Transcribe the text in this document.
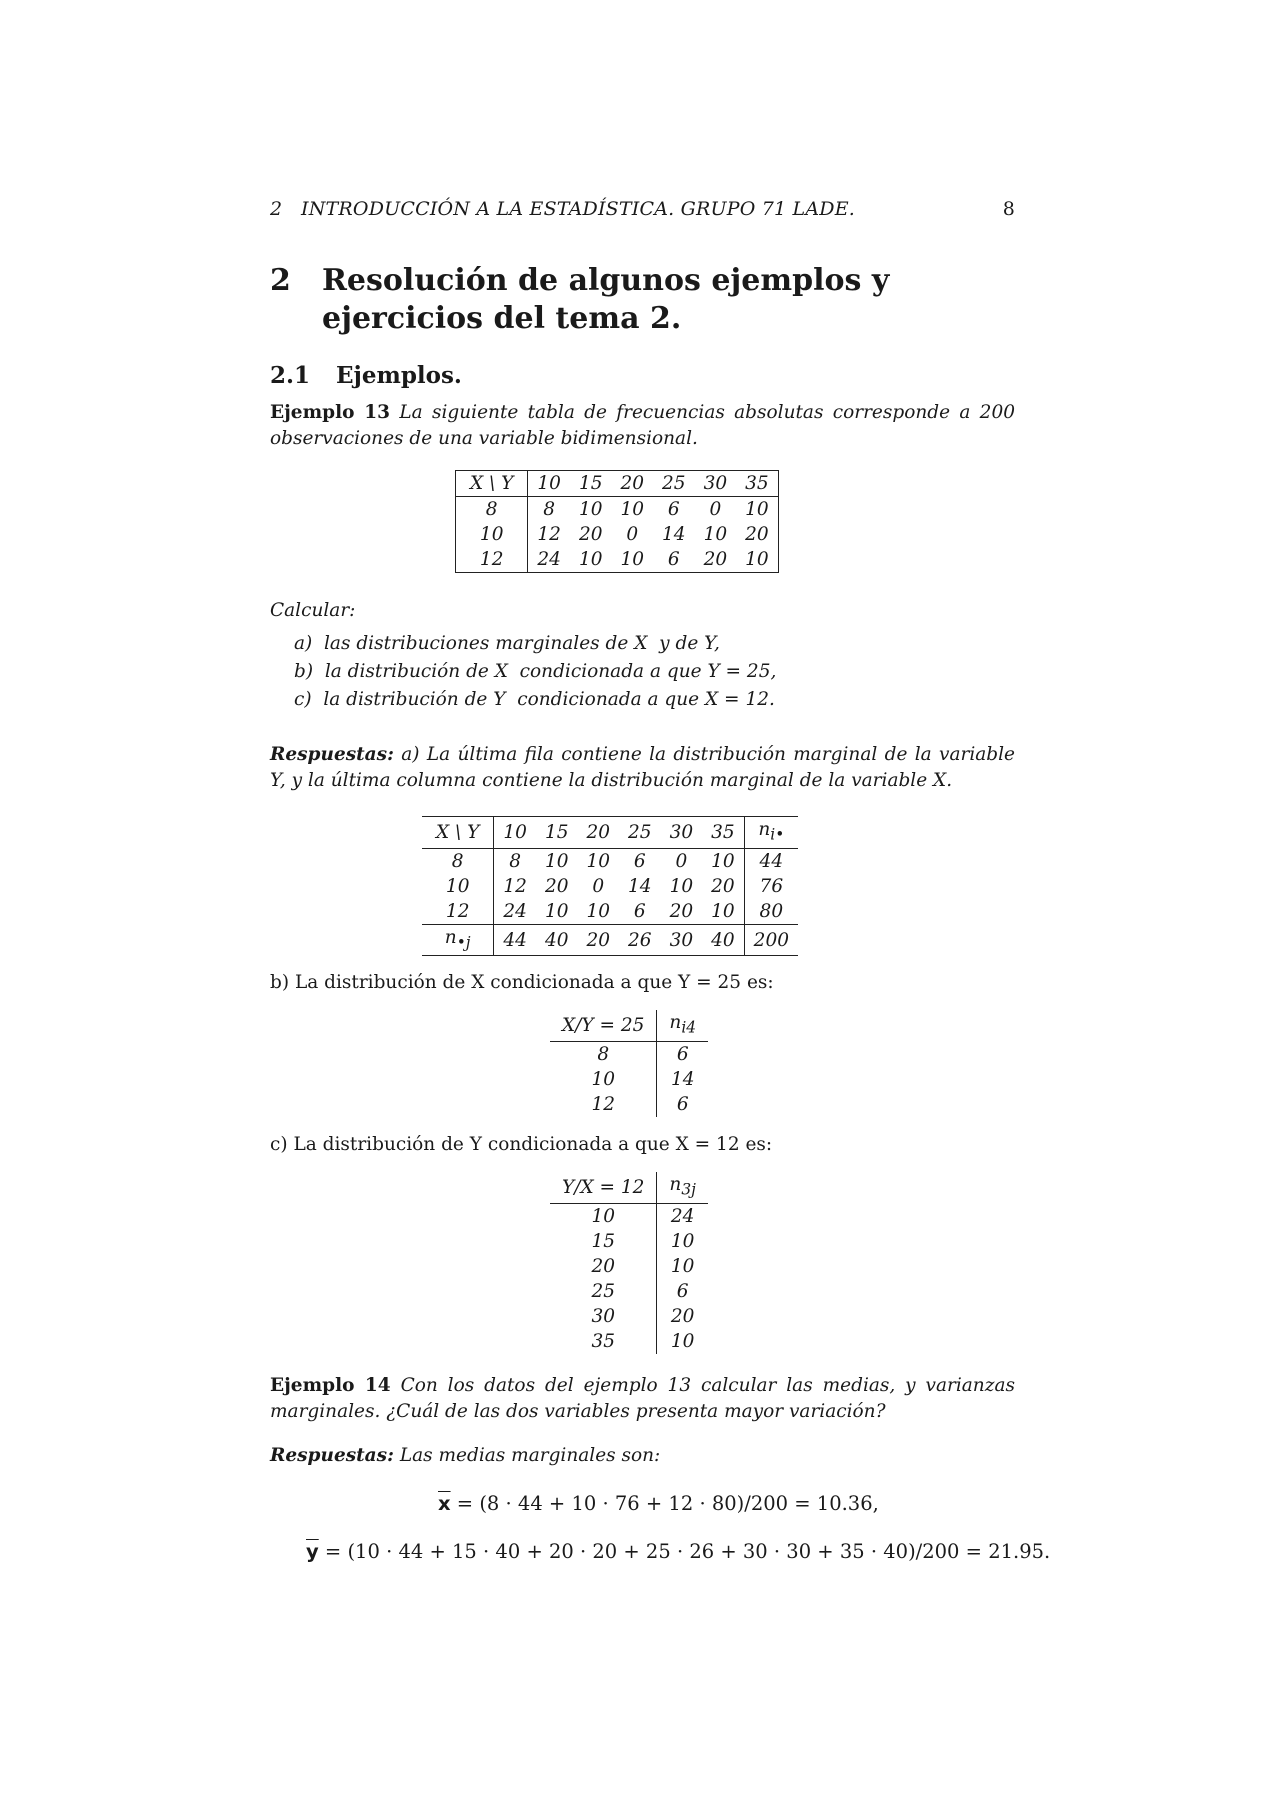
2   INTRODUCCIÓN A LA ESTADÍSTICA. GRUPO 71 LADE.	8
2	Resolución de algunos ejemplos y ejercicios del tema 2.
2.1 Ejemplos.
Ejemplo 13 La siguiente tabla de frecuencias absolutas corresponde a 200 observaciones de una variable bidimensional.
X \ Y	10	15	20	25	30	35
8	8	10	10	6	0	10
10	12	20	0	14	10	20
12	24	10	10	6	20	10
Calcular:
a)  las distribuciones marginales de X  y de Y,
b)  la distribución de X  condicionada a que Y = 25,
c)  la distribución de Y  condicionada a que X = 12.
Respuestas: a) La última fila contiene la distribución marginal de la variable Y, y la última columna contiene la distribución marginal de la variable X.
X \ Y	10	15	20	25	30	35	$n_{i•}$
8	8	10	10	6	0	10	44
10	12	20	0	14	10	20	76
12	24	10	10	6	20	10	80
$n_{•j}$	44	40	20	26	30	40	200
b) La distribución de X condicionada a que Y = 25 es:
X/Y = 25	$n_{i4}$
8	6
10	14
12	6
c) La distribución de Y condicionada a que X = 12 es:
Y/X = 12	$n_{3j}$
10	24
15	10
20	10
25	6
30	20
35	10
Ejemplo 14 Con los datos del ejemplo 13 calcular las medias, y varianzas marginales. ¿Cuál de las dos variables presenta mayor variación?
Respuestas: Las medias marginales son:
$\overline{x} = (8 \cdot 44 + 10 \cdot 76 + 12 \cdot 80)/200 = 10.36$,
$\overline{y} = (10 \cdot 44 + 15 \cdot 40 + 20 \cdot 20 + 25 \cdot 26 + 30 \cdot 30 + 35 \cdot 40)/200 = 21.95$.
